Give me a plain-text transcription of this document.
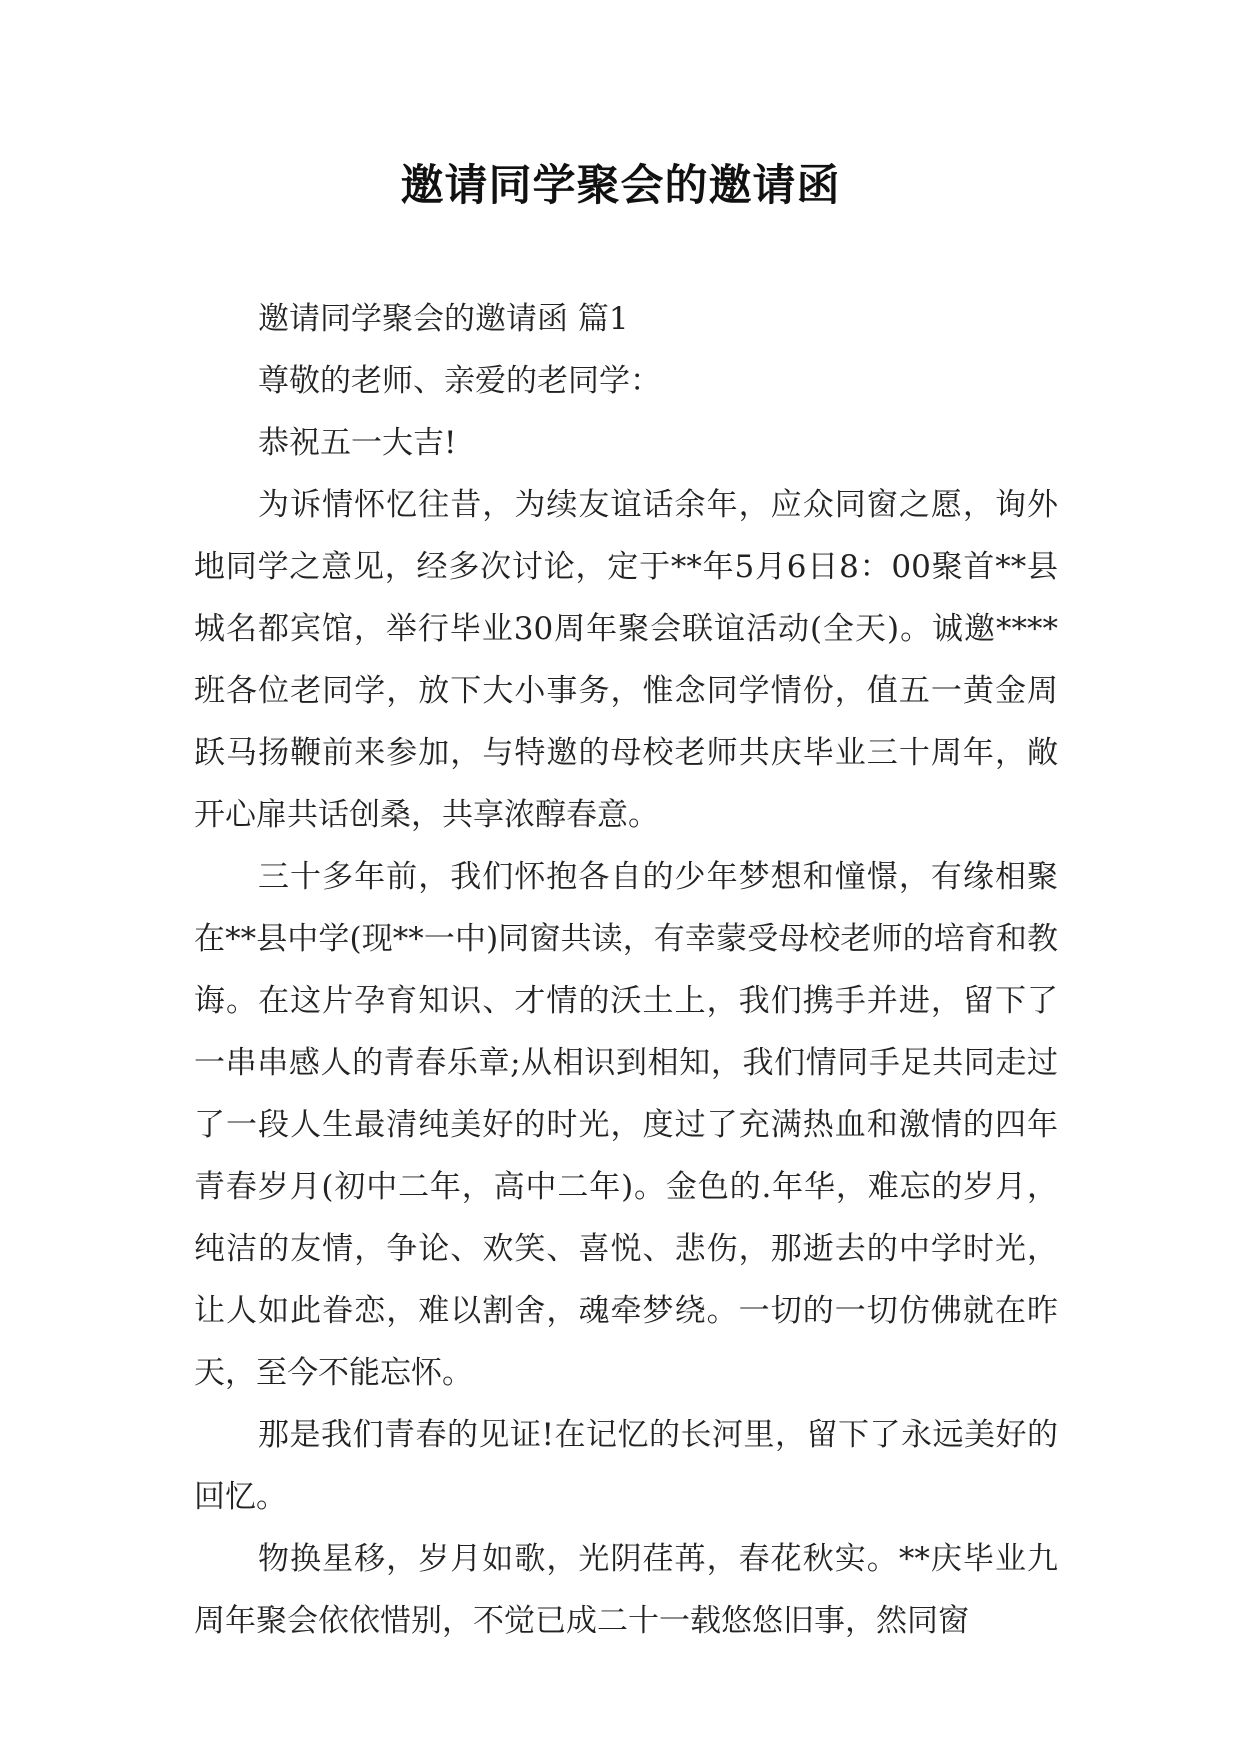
邀请同学聚会的邀请函

邀请同学聚会的邀请函 篇1

尊敬的老师、亲爱的老同学：

恭祝五一大吉!

为诉情怀忆往昔，为续友谊话余年，应众同窗之愿，询外地同学之意见，经多次讨论，定于**年5月6日8：00聚首**县城名都宾馆，举行毕业30周年聚会联谊活动(全天)。诚邀****班各位老同学，放下大小事务，惟念同学情份，值五一黄金周跃马扬鞭前来参加，与特邀的母校老师共庆毕业三十周年，敞开心扉共话创桑，共享浓醇春意。

三十多年前，我们怀抱各自的少年梦想和憧憬，有缘相聚在**县中学(现**一中)同窗共读，有幸蒙受母校老师的培育和教诲。在这片孕育知识、才情的沃土上，我们携手并进，留下了一串串感人的青春乐章;从相识到相知，我们情同手足共同走过了一段人生最清纯美好的时光，度过了充满热血和激情的四年青春岁月(初中二年，高中二年)。金色的.年华，难忘的岁月，纯洁的友情，争论、欢笑、喜悦、悲伤，那逝去的中学时光，让人如此眷恋，难以割舍，魂牵梦绕。一切的一切仿佛就在昨天，至今不能忘怀。

那是我们青春的见证!在记忆的长河里，留下了永远美好的回忆。

物换星移，岁月如歌，光阴荏苒，春花秋实。**庆毕业九周年聚会依依惜别，不觉已成二十一载悠悠旧事，然同窗
